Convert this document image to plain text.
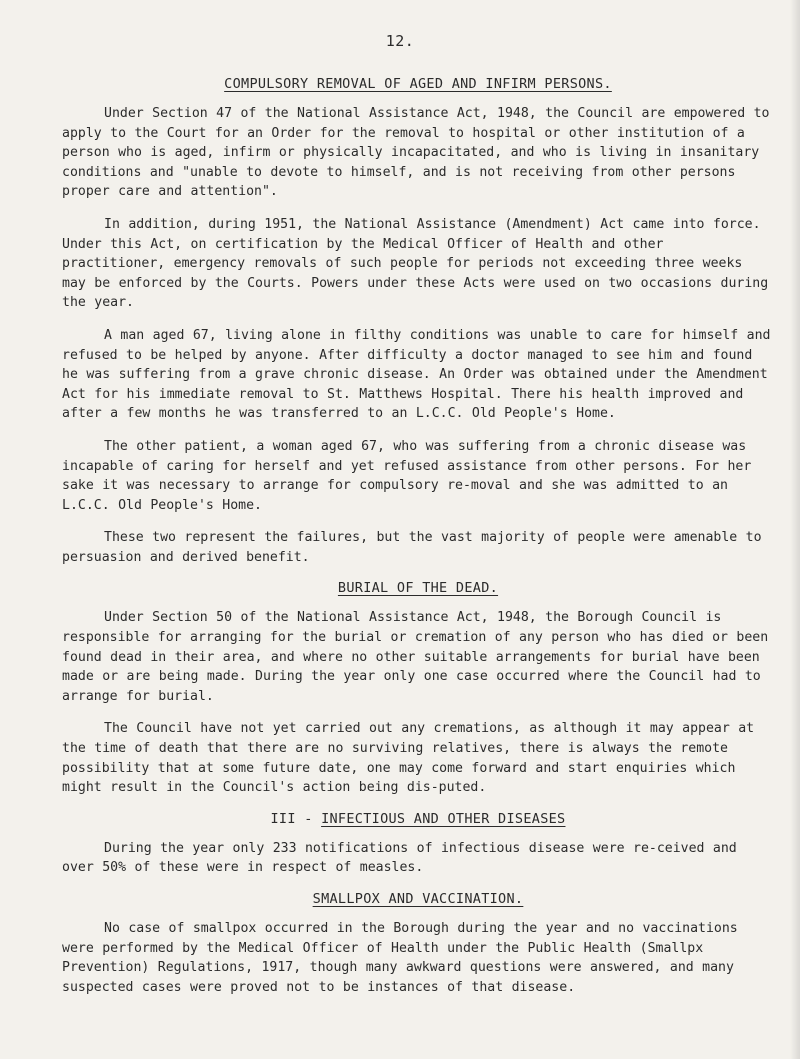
12.
COMPULSORY REMOVAL OF AGED AND INFIRM PERSONS.

Under Section 47 of the National Assistance Act, 1948, the Council are empowered to apply to the Court for an Order for the removal to hospital or other institution of a person who is aged, infirm or physically incapacitated, and who is living in insanitary conditions and "unable to devote to himself, and is not receiving from other persons proper care and attention".

In addition, during 1951, the National Assistance (Amendment) Act came into force. Under this Act, on certification by the Medical Officer of Health and other practitioner, emergency removals of such people for periods not exceeding three weeks may be enforced by the Courts. Powers under these Acts were used on two occasions during the year.

A man aged 67, living alone in filthy conditions was unable to care for himself and refused to be helped by anyone. After difficulty a doctor managed to see him and found he was suffering from a grave chronic disease. An Order was obtained under the Amendment Act for his immediate removal to St. Matthews Hospital. There his health improved and after a few months he was transferred to an L.C.C. Old People's Home.

The other patient, a woman aged 67, who was suffering from a chronic disease was incapable of caring for herself and yet refused assistance from other persons. For her sake it was necessary to arrange for compulsory re-moval and she was admitted to an L.C.C. Old People's Home.

These two represent the failures, but the vast majority of people were amenable to persuasion and derived benefit.

BURIAL OF THE DEAD.

Under Section 50 of the National Assistance Act, 1948, the Borough Council is responsible for arranging for the burial or cremation of any person who has died or been found dead in their area, and where no other suitable arrangements for burial have been made or are being made. During the year only one case occurred where the Council had to arrange for burial.

The Council have not yet carried out any cremations, as although it may appear at the time of death that there are no surviving relatives, there is always the remote possibility that at some future date, one may come forward and start enquiries which might result in the Council's action being dis-puted.

III - INFECTIOUS AND OTHER DISEASES

During the year only 233 notifications of infectious disease were re-ceived and over 50% of these were in respect of measles.

SMALLPOX AND VACCINATION.

No case of smallpox occurred in the Borough during the year and no vaccinations were performed by the Medical Officer of Health under the Public Health (Smallpx Prevention) Regulations, 1917, though many awkward questions were answered, and many suspected cases were proved not to be instances of that disease.
